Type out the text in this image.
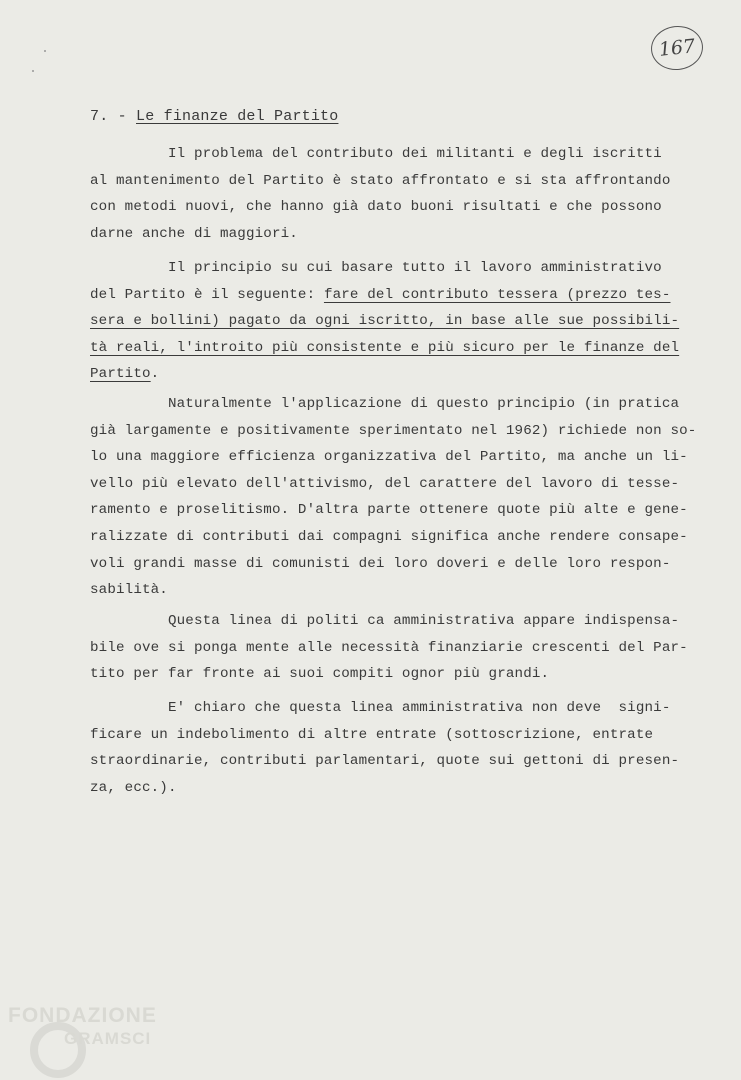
167
7. - Le finanze del Partito
Il problema del contributo dei militanti e degli iscritti
al mantenimento del Partito è stato affrontato e si sta affrontando
con metodi nuovi, che hanno già dato buoni risultati e che possono
darne anche di maggiori.
Il principio su cui basare tutto il lavoro amministrativo
del Partito è il seguente: fare del contributo tessera (prezzo tes-
sera e bollini) pagato da ogni iscritto, in base alle sue possibili-
tà reali, l'introito più consistente e più sicuro per le finanze del
Partito.
Naturalmente l'applicazione di questo principio (in pratica
già largamente e positivamente sperimentato nel 1962) richiede non so-
lo una maggiore efficienza organizzativa del Partito, ma anche un li-
vello più elevato dell'attivismo, del carattere del lavoro di tesse-
ramento e proselitismo. D'altra parte ottenere quote più alte e gene-
ralizzate di contributi dai compagni significa anche rendere consape-
voli grandi masse di comunisti dei loro doveri e delle loro respon-
sabilità.
Questa linea di politi ca amministrativa appare indispensa-
bile ove si ponga mente alle necessità finanziarie crescenti del Par-
tito per far fronte ai suoi compiti ognor più grandi.
E' chiaro che questa linea amministrativa non deve  signi-
ficare un indebolimento di altre entrate (sottoscrizione, entrate
straordinarie, contributi parlamentari, quote sui gettoni di presen-
za, ecc.).
FONDAZIONE
GRAMSCI
